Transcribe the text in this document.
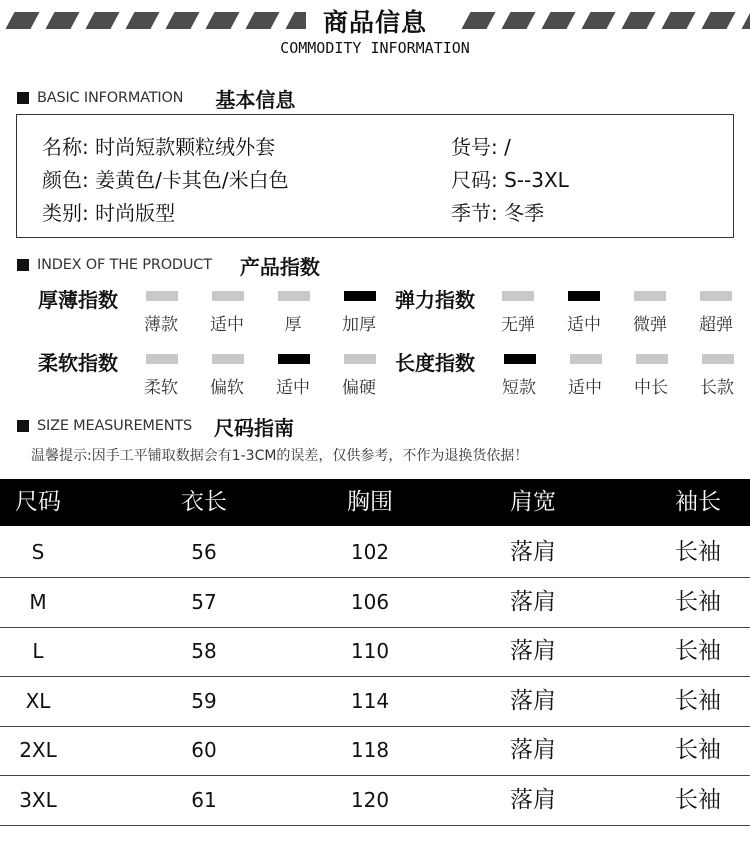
商品信息
COMMODITY INFORMATION
BASIC INFORMATION 基本信息
名称: 时尚短款颗粒绒外套
颜色: 姜黄色/卡其色/米白色
类别: 时尚版型
货号: /
尺码: S--3XL
季节: 冬季
INDEX OF THE PRODUCT 产品指数
厚薄指数
薄款	适中	厚	加厚
弹力指数
无弹	适中	微弹	超弹
柔软指数
柔软	偏软	适中	偏硬
长度指数
短款	适中	中长	长款
SIZE MEASUREMENTS 尺码指南
温馨提示:因手工平铺取数据会有1-3CM的误差，仅供参考，不作为退换货依据！
尺码	衣长	胸围	肩宽	袖长
S	56	102	落肩	长袖
M	57	106	落肩	长袖
L	58	110	落肩	长袖
XL	59	114	落肩	长袖
2XL	60	118	落肩	长袖
3XL	61	120	落肩	长袖
